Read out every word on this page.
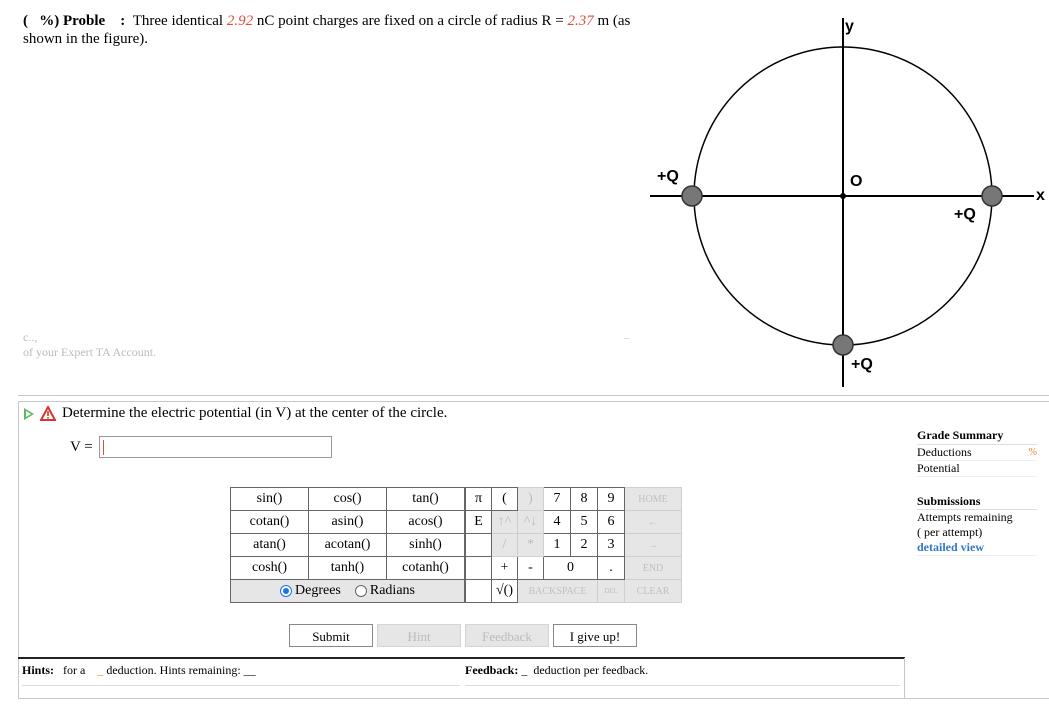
( %) Proble : Three identical 2.92 nC point charges are fixed on a circle of radius R = 2.37 m (as shown in the figure).
c..,
of your Expert TA Account.
–
y
x
O
+Q
+Q
+Q
Determine the electric potential (in V) at the center of the circle.
V =
sin()	cos()	tan()	π	(	)	7	8	9	HOME
cotan()	asin()	acos()	E	↑^	^↓	4	5	6	←
atan()	acotan()	sinh()		/	*	1	2	3	→
cosh()	tanh()	cotanh()		+	-	0		.	END
Degrees Radians				√()	BACKSPACE			DEL	CLEAR
Submit	Hint	Feedback	I give up!
Hints: for a _ deduction. Hints remaining: __	Feedback: _ deduction per feedback.
Grade Summary
Deductions	%
Potential
Submissions
Attempts remaining
( per attempt)
detailed view
